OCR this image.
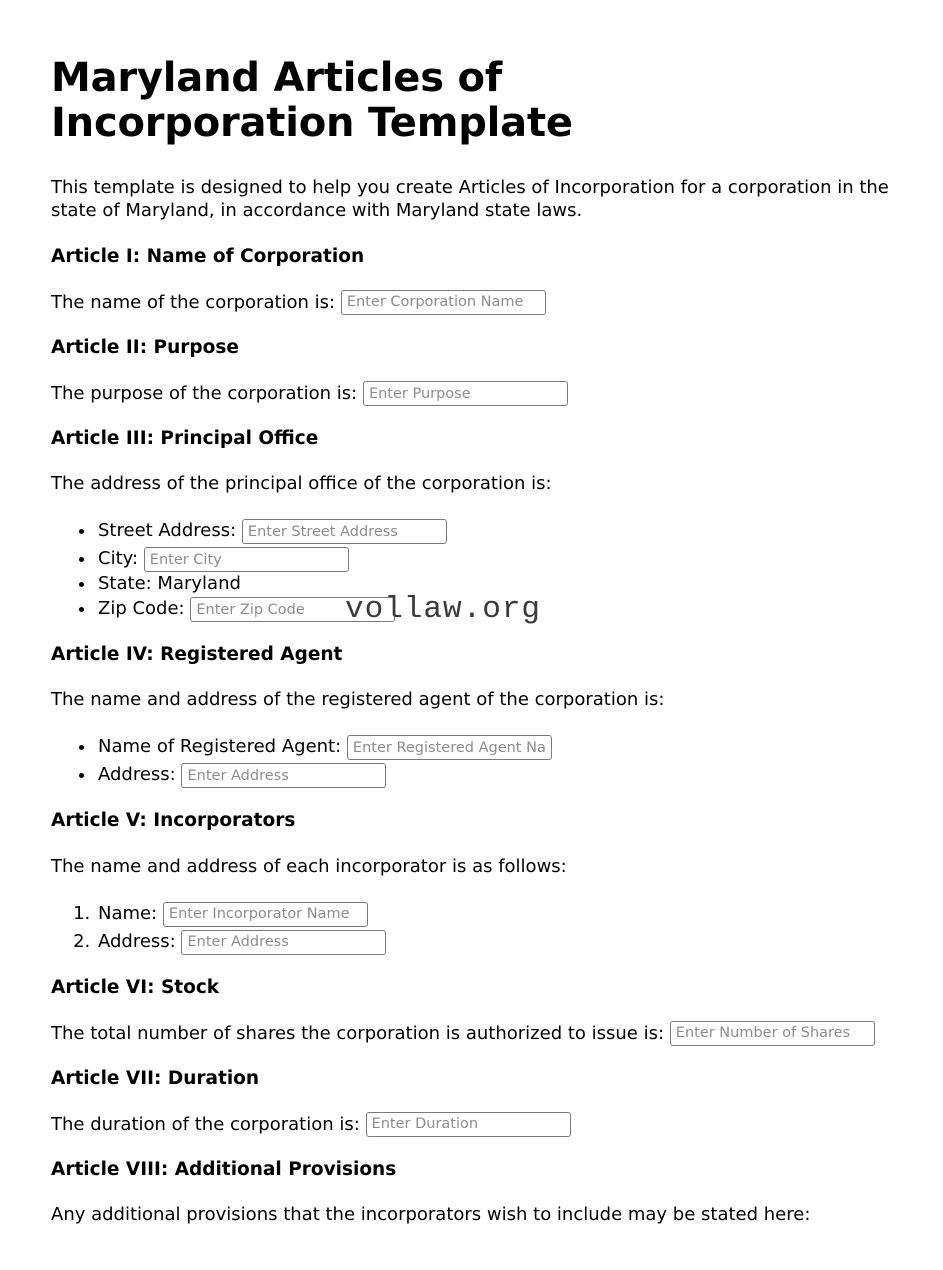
Maryland Articles of Incorporation Template

This template is designed to help you create Articles of Incorporation for a corporation in the state of Maryland, in accordance with Maryland state laws.

Article I: Name of Corporation
The name of the corporation is:

Enter Corporation Name
Article II: Purpose
The purpose of the corporation is:

Enter Purpose
Article III: Principal Office

The address of the principal office of the corporation is:

• Street Address:

Enter Street Address
• City:

Enter City
• State: Maryland
• Zip Code:

Enter Zip Code
Article IV: Registered Agent

The name and address of the registered agent of the corporation is:

• Name of Registered Agent:

Enter Registered Agent Name
• Address:

Enter Address
Article V: Incorporators

The name and address of each incorporator is as follows:

1. Name:

Enter Incorporator Name
2. Address:

Enter Address
Article VI: Stock
The total number of shares the corporation is authorized to issue is:

Enter Number of Shares
Article VII: Duration
The duration of the corporation is:

Enter Duration
Article VIII: Additional Provisions

Any additional provisions that the incorporators wish to include may be stated here:

vollaw.org
